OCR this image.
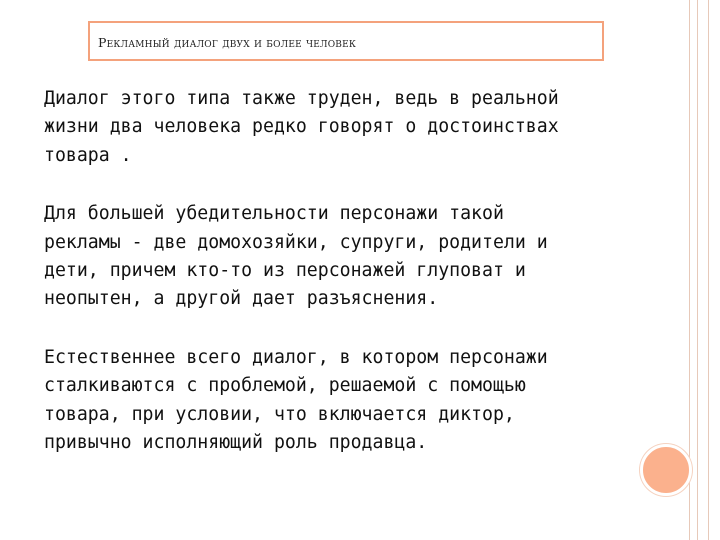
Рекламный диалог двух и более человек

Диалог этого типа также труден, ведь в реальной
жизни два человека редко говорят о достоинствах
товара .

Для большей убедительности персонажи такой
рекламы - две домохозяйки, супруги, родители и
дети, причем кто-то из персонажей глуповат и
неопытен, а другой дает разъяснения.

Естественнее всего диалог, в котором персонажи
сталкиваются с проблемой, решаемой с помощью
товара, при условии, что включается диктор,
привычно исполняющий роль продавца.
